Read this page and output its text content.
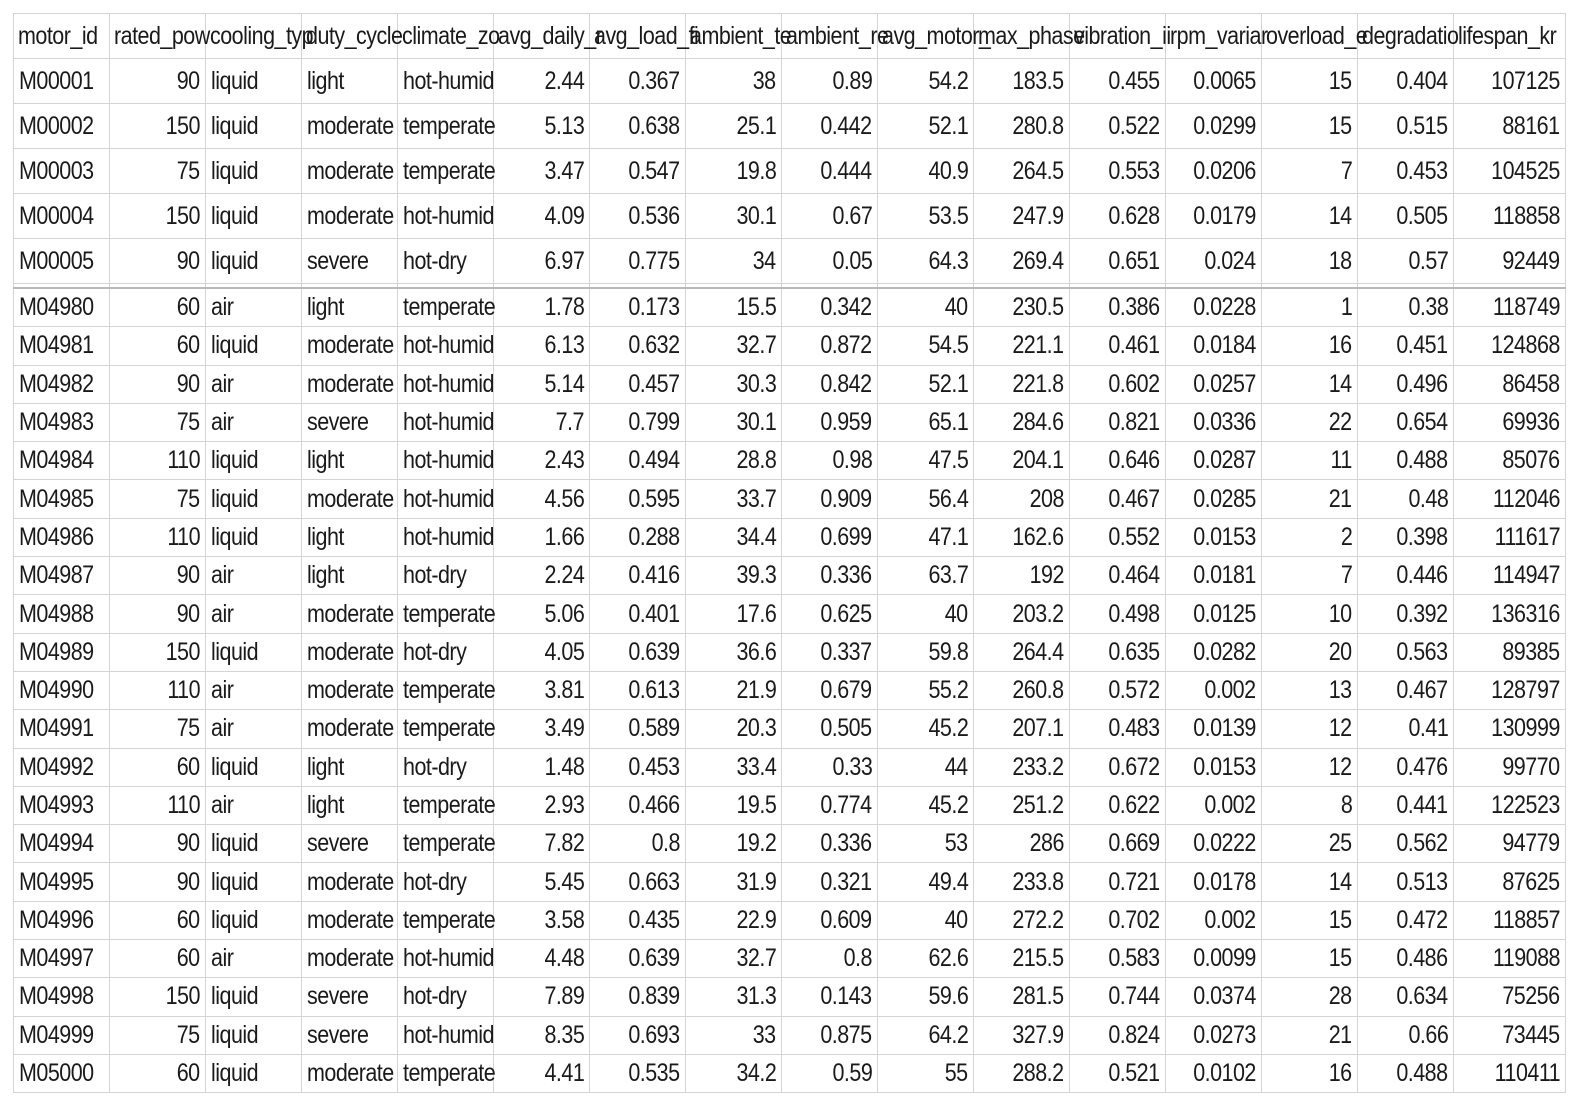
motor_id	rated_pow	cooling_typ	duty_cycle	climate_zo	avg_daily_r	avg_load_fi	ambient_te	ambient_re	avg_motor_	max_phase	vibration_ii	rpm_variar	overload_e	degradatio	lifespan_kr
M00001	90	liquid	light	hot-humid	2.44	0.367	38	0.89	54.2	183.5	0.455	0.0065	15	0.404	107125
M00002	150	liquid	moderate	temperate	5.13	0.638	25.1	0.442	52.1	280.8	0.522	0.0299	15	0.515	88161
M00003	75	liquid	moderate	temperate	3.47	0.547	19.8	0.444	40.9	264.5	0.553	0.0206	7	0.453	104525
M00004	150	liquid	moderate	hot-humid	4.09	0.536	30.1	0.67	53.5	247.9	0.628	0.0179	14	0.505	118858
M00005	90	liquid	severe	hot-dry	6.97	0.775	34	0.05	64.3	269.4	0.651	0.024	18	0.57	92449

M04980	60	air	light	temperate	1.78	0.173	15.5	0.342	40	230.5	0.386	0.0228	1	0.38	118749
M04981	60	liquid	moderate	hot-humid	6.13	0.632	32.7	0.872	54.5	221.1	0.461	0.0184	16	0.451	124868
M04982	90	air	moderate	hot-humid	5.14	0.457	30.3	0.842	52.1	221.8	0.602	0.0257	14	0.496	86458
M04983	75	air	severe	hot-humid	7.7	0.799	30.1	0.959	65.1	284.6	0.821	0.0336	22	0.654	69936
M04984	110	liquid	light	hot-humid	2.43	0.494	28.8	0.98	47.5	204.1	0.646	0.0287	11	0.488	85076
M04985	75	liquid	moderate	hot-humid	4.56	0.595	33.7	0.909	56.4	208	0.467	0.0285	21	0.48	112046
M04986	110	liquid	light	hot-humid	1.66	0.288	34.4	0.699	47.1	162.6	0.552	0.0153	2	0.398	111617
M04987	90	air	light	hot-dry	2.24	0.416	39.3	0.336	63.7	192	0.464	0.0181	7	0.446	114947
M04988	90	air	moderate	temperate	5.06	0.401	17.6	0.625	40	203.2	0.498	0.0125	10	0.392	136316
M04989	150	liquid	moderate	hot-dry	4.05	0.639	36.6	0.337	59.8	264.4	0.635	0.0282	20	0.563	89385
M04990	110	air	moderate	temperate	3.81	0.613	21.9	0.679	55.2	260.8	0.572	0.002	13	0.467	128797
M04991	75	air	moderate	temperate	3.49	0.589	20.3	0.505	45.2	207.1	0.483	0.0139	12	0.41	130999
M04992	60	liquid	light	hot-dry	1.48	0.453	33.4	0.33	44	233.2	0.672	0.0153	12	0.476	99770
M04993	110	air	light	temperate	2.93	0.466	19.5	0.774	45.2	251.2	0.622	0.002	8	0.441	122523
M04994	90	liquid	severe	temperate	7.82	0.8	19.2	0.336	53	286	0.669	0.0222	25	0.562	94779
M04995	90	liquid	moderate	hot-dry	5.45	0.663	31.9	0.321	49.4	233.8	0.721	0.0178	14	0.513	87625
M04996	60	liquid	moderate	temperate	3.58	0.435	22.9	0.609	40	272.2	0.702	0.002	15	0.472	118857
M04997	60	air	moderate	hot-humid	4.48	0.639	32.7	0.8	62.6	215.5	0.583	0.0099	15	0.486	119088
M04998	150	liquid	severe	hot-dry	7.89	0.839	31.3	0.143	59.6	281.5	0.744	0.0374	28	0.634	75256
M04999	75	liquid	severe	hot-humid	8.35	0.693	33	0.875	64.2	327.9	0.824	0.0273	21	0.66	73445
M05000	60	liquid	moderate	temperate	4.41	0.535	34.2	0.59	55	288.2	0.521	0.0102	16	0.488	110411
